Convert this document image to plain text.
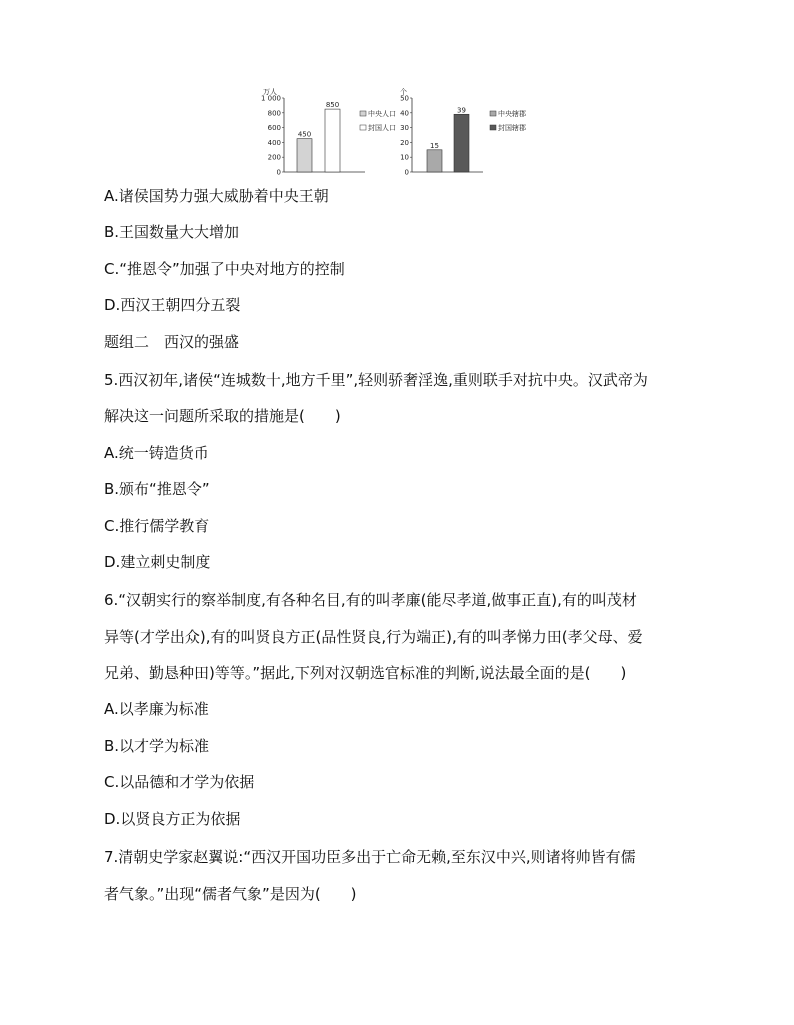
万人
1 000
800
600
400
200
0
450
850
中央人口
封国人口
个
50
40
30
20
10
0
15
39	中央辖郡
封国辖郡
A.诸侯国势力强大威胁着中央王朝
B.王国数量大大增加
C.“推恩令”加强了中央对地方的控制
D.西汉王朝四分五裂
题组二　西汉的强盛
5.西汉初年,诸侯“连城数十,地方千里”,轻则骄奢淫逸,重则联手对抗中央。汉武帝为
解决这一问题所采取的措施是(　　)
A.统一铸造货币
B.颁布“推恩令”
C.推行儒学教育
D.建立刺史制度
6.“汉朝实行的察举制度,有各种名目,有的叫孝廉(能尽孝道,做事正直),有的叫茂材
异等(才学出众),有的叫贤良方正(品性贤良,行为端正),有的叫孝悌力田(孝父母、爱
兄弟、勤恳种田)等等。”据此,下列对汉朝选官标准的判断,说法最全面的是(　　)
A.以孝廉为标准
B.以才学为标准
C.以品德和才学为依据
D.以贤良方正为依据
7.清朝史学家赵翼说:“西汉开国功臣多出于亡命无赖,至东汉中兴,则诸将帅皆有儒
者气象。”出现“儒者气象”是因为(　　)
